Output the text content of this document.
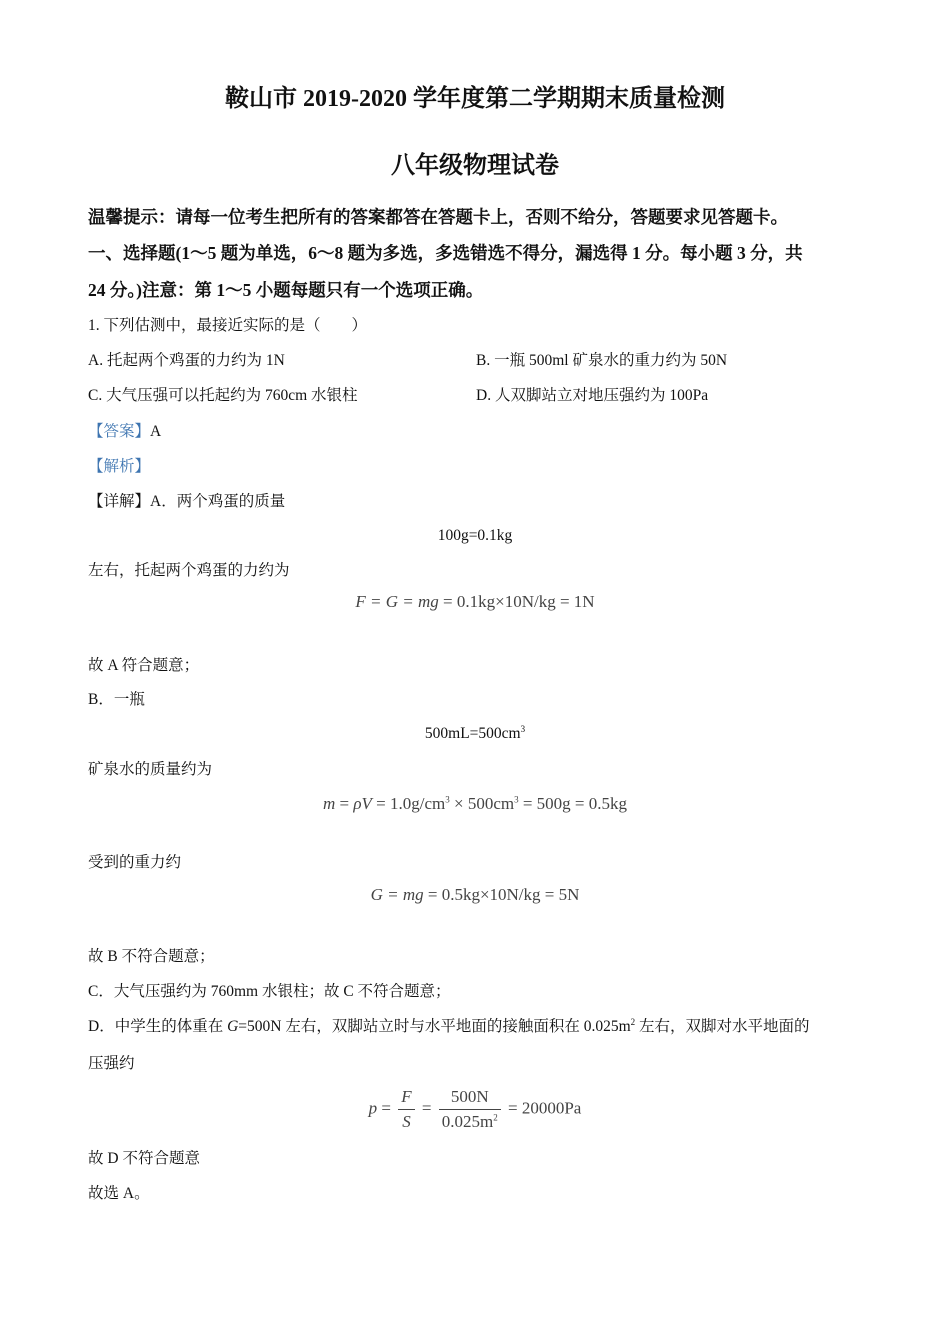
鞍山市 2019-2020 学年度第二学期期末质量检测
八年级物理试卷
温馨提示：请每一位考生把所有的答案都答在答题卡上，否则不给分，答题要求见答题卡。
一、选择题(1～5 题为单选，6～8 题为多选，多选错选不得分，漏选得 1 分。每小题 3 分，共
24 分。)注意：第 1～5 小题每题只有一个选项正确。
1. 下列估测中，最接近实际的是（　　）
A. 托起两个鸡蛋的力约为 1N	B. 一瓶 500ml 矿泉水的重力约为 50N
C. 大气压强可以托起约为 760cm 水银柱	D. 人双脚站立对地压强约为 100Pa
【答案】A
【解析】
【详解】A．两个鸡蛋的质量
100g=0.1kg
左右，托起两个鸡蛋的力约为
F = G = mg = 0.1kg×10N/kg = 1N
故 A 符合题意；
B．一瓶
$500mL=500cm^3$
矿泉水的质量约为
$m = \rho V = 1.0g/cm^3 \times 500cm^3 = 500g = 0.5kg$
受到的重力约
G = mg = 0.5kg×10N/kg = 5N
故 B 不符合题意；
C．大气压强约为 760mm 水银柱；故 C 不符合题意；
D．中学生的体重在 G=500N 左右，双脚站立时与水平地面的接触面积在 $0.025m^2$ 左右，双脚对水平地面的
压强约
$p = \frac{F}{S} = \frac{500N}{0.025m^2} = 20000Pa$
故 D 不符合题意
故选 A。
